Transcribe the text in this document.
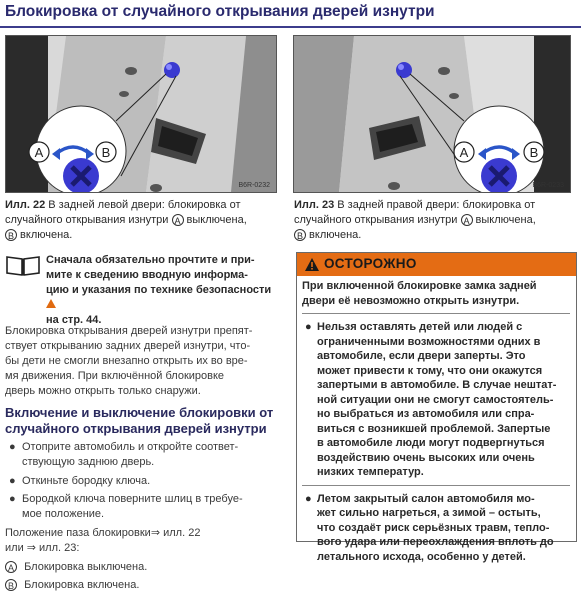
Блокировка от случайного открывания дверей изнутри
A	B
B6R-0232
A	B
B6R-0233
Илл. 22 В задней левой двери: блокировка от
случайного открывания изнутри A выключена,
B включена.
Илл. 23 В задней правой двери: блокировка от
случайного открывания изнутри A выключена,
B включена.
Сначала обязательно прочтите и при-
мите к сведению вводную информа-
цию и указания по технике безопасности
на стр. 44.
Блокировка открывания дверей изнутри препят-
ствует открыванию задних дверей изнутри, что-
бы дети не смогли внезапно открыть их во вре-
мя движения. При включённой блокировке
дверь можно открыть только снаружи.
Включение и выключение блокировки от
случайного открывания дверей изнутри
● Отоприте автомобиль и откройте соответ-
ствующую заднюю дверь.
● Откиньте бородку ключа.
● Бородкой ключа поверните шлиц в требуе-
мое положение.
Положение паза блокировки⇒ илл. 22
или ⇒ илл. 23:
A Блокировка выключена.
B Блокировка включена.
ОСТОРОЖНО

При включенной блокировке замка задней
двери её невозможно открыть изнутри.

● Нельзя оставлять детей или людей с
ограниченными возможностями одних в
автомобиле, если двери заперты. Это
может привести к тому, что они окажутся
запертыми в автомобиле. В случае нештат-
ной ситуации они не смогут самостоятель-
но выбраться из автомобиля или спра-
виться с возникшей проблемой. Запертые
в автомобиле люди могут подвергнуться
воздействию очень высоких или очень
низких температур.
● Летом закрытый салон автомобиля мо-
жет сильно нагреться, а зимой – остыть,
что создаёт риск серьёзных травм, тепло-
вого удара или переохлаждения вплоть до
летального исхода, особенно у детей.
